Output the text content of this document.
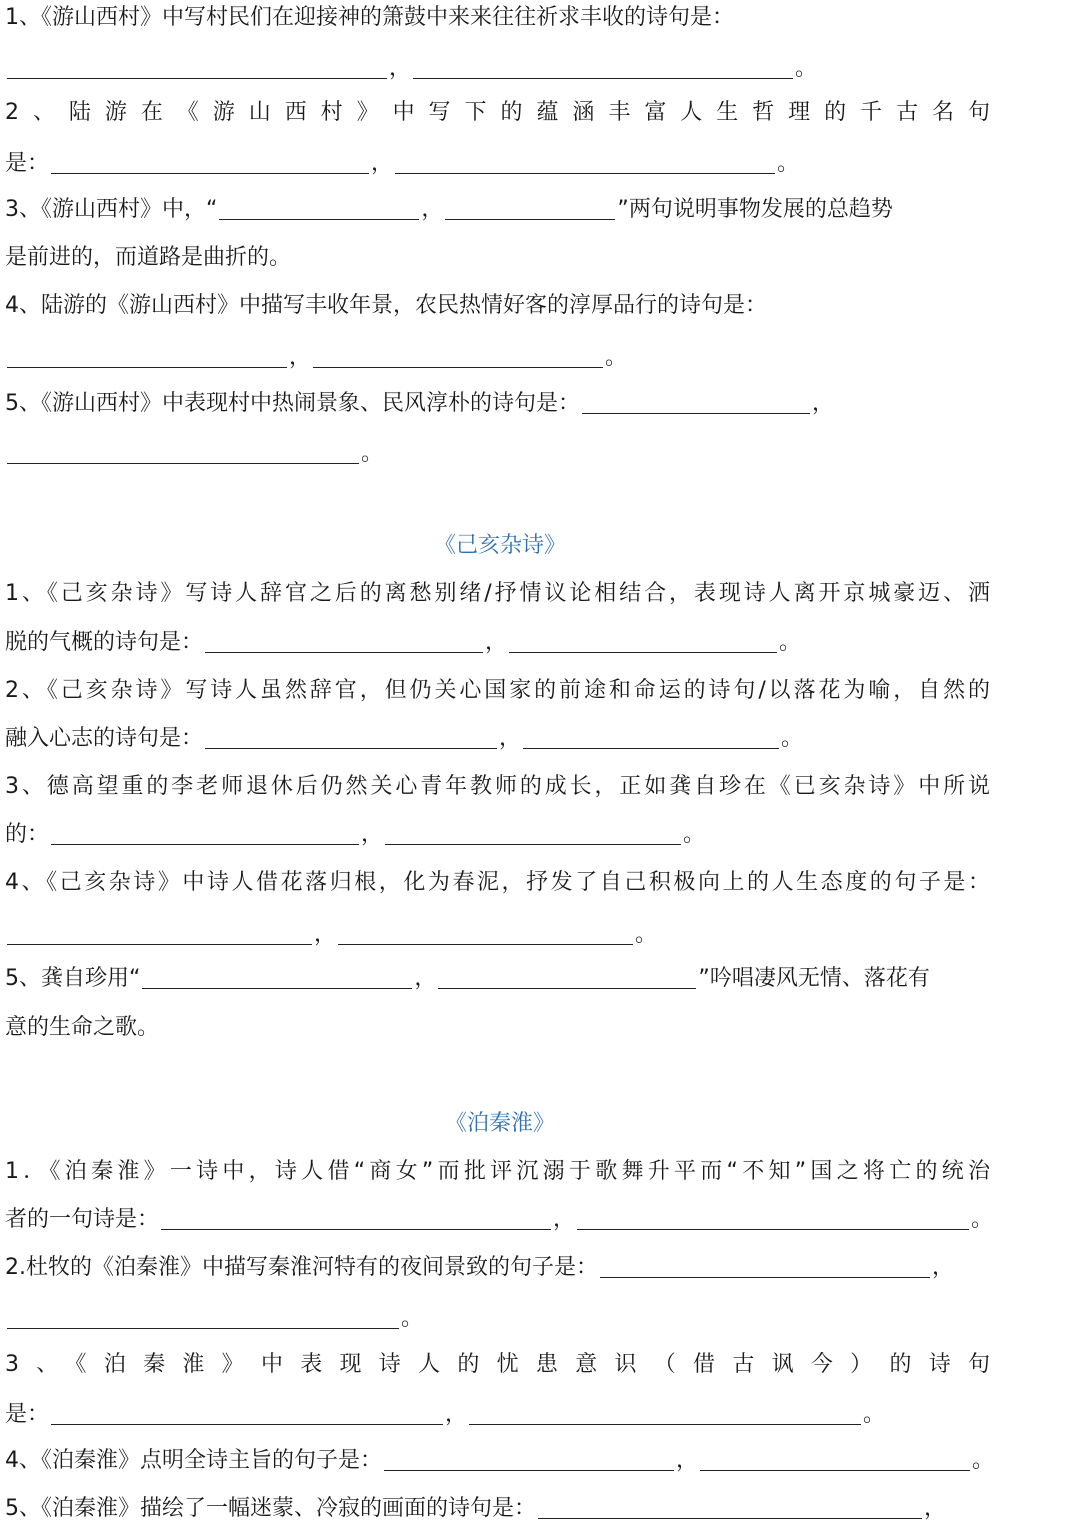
1、《游山西村》中写村民们在迎接神的箫鼓中来来往往祈求丰收的诗句是：
，	。
2、陆游在《游山西村》中写下的蕴涵丰富人生哲理的千古名句
是：	，	。
3、《游山西村》中，“	，	”两句说明事物发展的总趋势
是前进的，而道路是曲折的。
4、陆游的《游山西村》中描写丰收年景，农民热情好客的淳厚品行的诗句是：
，	。
5、《游山西村》中表现村中热闹景象、民风淳朴的诗句是：	，
。
《己亥杂诗》
1、《己亥杂诗》写诗人辞官之后的离愁别绪/抒情议论相结合，表现诗人离开京城豪迈、洒
脱的气概的诗句是：	，	。
2、《己亥杂诗》写诗人虽然辞官，但仍关心国家的前途和命运的诗句/以落花为喻，自然的
融入心志的诗句是：	，	。
3、德高望重的李老师退休后仍然关心青年教师的成长，正如龚自珍在《已亥杂诗》中所说
的：	，	。
4、《己亥杂诗》中诗人借花落归根，化为春泥，抒发了自己积极向上的人生态度的句子是：
，	。
5、龚自珍用“	，	”吟唱凄风无情、落花有
意的生命之歌。
《泊秦淮》
1．《泊秦淮》一诗中，诗人借“商女”而批评沉溺于歌舞升平而“不知”国之将亡的统治
者的一句诗是：	，	。
2.杜牧的《泊秦淮》中描写秦淮河特有的夜间景致的句子是：	，
。
3、《泊秦淮》中表现诗人的忧患意识（借古讽今）的诗句
是：	，	。
4、《泊秦淮》点明全诗主旨的句子是：	，	。
5、《泊秦淮》描绘了一幅迷蒙、冷寂的画面的诗句是：	，
